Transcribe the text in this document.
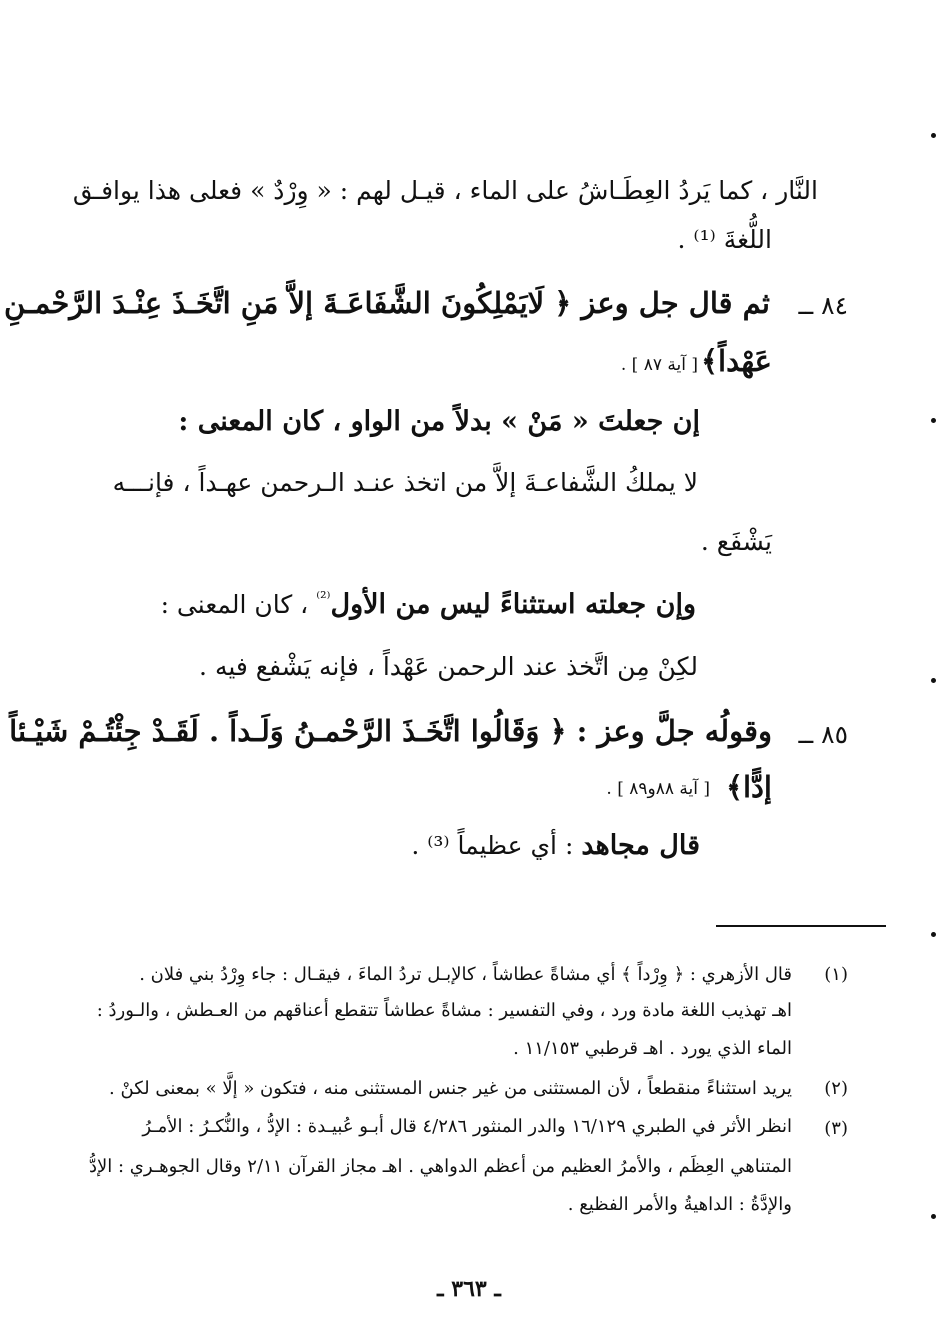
النَّار ، كما يَردُ العِطَـاشُ على الماء ، قيـل لهم : « وِرْدٌ » فعلى هذا يوافـق
اللُّغةَ ⁽¹⁾ .
٨٤ ــ
ثم قال جل وعز ﴿ لَايَمْلِكُونَ الشَّفَاعَـةَ إلاَّ مَنِ اتَّخَـذَ عِنْـدَ الرَّحْمـنِ
عَهْداً﴾
[ آية ٨٧ ] .
إن جعلتَ « مَنْ » بدلاً من الواو ، كان المعنى :
لا يملكُ الشَّفاعـةَ إلاَّ من اتخذ عنـد الـرحمن عهـداً ، فإنـــه
يَشْفَع .
وإن جعلته استثناءً ليس من الأول$^{^{(2)}}$ ، كان المعنى :
لكِنْ مِن اتَّخذ عند الرحمن عَهْداً ، فإنه يَشْفع فيه .
٨٥ ــ
وقولُه جلَّ وعز : ﴿ وَقَالُوا اتَّخَـذَ الرَّحْمـنُ وَلَـداً . لَقَـدْ جِئْتُـمْ شَيْـئاً
إدًّا﴾
[ آية ٨٨و٨٩ ] .
قال مجاهد : أي عظيماً ⁽³⁾ .
(١)
قال الأزهري : ﴿ وِرْداً ﴾ أي مشاةً عطاشاً ، كالإبـل تردُ الماءَ ، فيقـال : جاء وِرْدُ بني فلان .
اهـ تهذيب اللغة مادة ورد ، وفي التفسير : مشاةً عطاشاً تتقطع أعناقهم من العـطش ، والـوردُ :
الماء الذي يورد . اهـ قرطبي ١١/١٥٣ .
(٢)
يريد استثناءً منقطعاً ، لأن المستثنى من غير جنس المستثنى منه ، فتكون « إلَّا » بمعنى لكنْ .
(٣)
انظر الأثر في الطبري ١٦/١٢٩ والدر المنثور ٤/٢٨٦ قال أبـو عُبيـدة : الإدُّ ، والنُّكـرُ : الأمـرُ
المتناهي العِظَم ، والأمرُ العظيم من أعظم الدواهي . اهـ مجاز القرآن ٢/١١ وقال الجوهـري : الإدُّ
والإدَّةُ : الداهيةُ والأمر الفظيع .
ـ ٣٦٣ ـ
